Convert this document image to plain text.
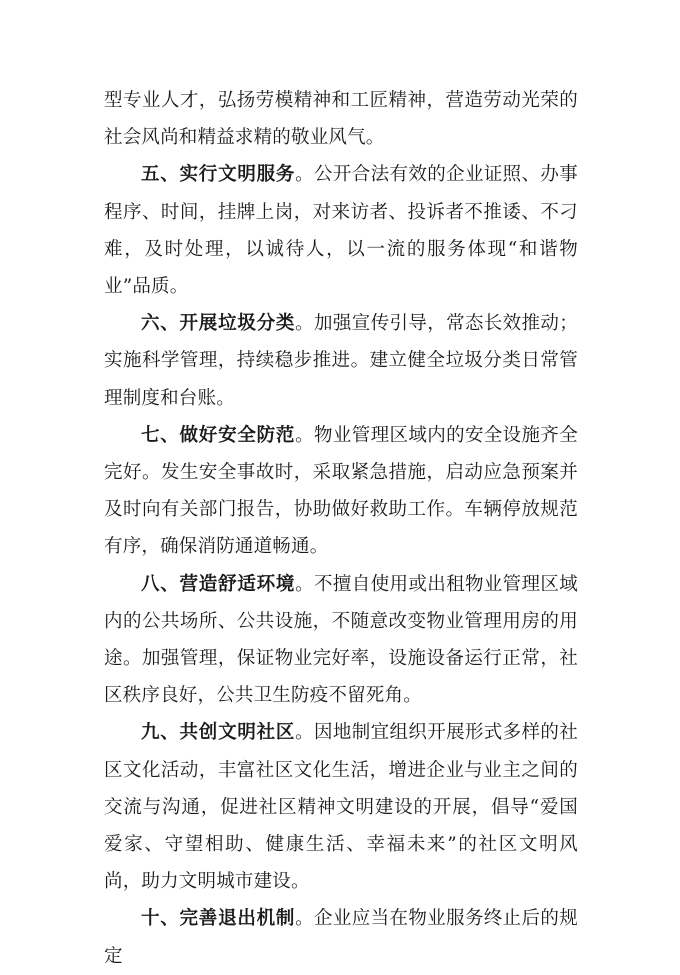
型专业人才，弘扬劳模精神和工匠精神，营造劳动光荣的社会风尚和精益求精的敬业风气。

五、实行文明服务。公开合法有效的企业证照、办事程序、时间，挂牌上岗，对来访者、投诉者不推诿、不刁难，及时处理，以诚待人，以一流的服务体现“和谐物业”品质。

六、开展垃圾分类。加强宣传引导，常态长效推动；实施科学管理，持续稳步推进。建立健全垃圾分类日常管理制度和台账。

七、做好安全防范。物业管理区域内的安全设施齐全完好。发生安全事故时，采取紧急措施，启动应急预案并及时向有关部门报告，协助做好救助工作。车辆停放规范有序，确保消防通道畅通。

八、营造舒适环境。不擅自使用或出租物业管理区域内的公共场所、公共设施，不随意改变物业管理用房的用途。加强管理，保证物业完好率，设施设备运行正常，社区秩序良好，公共卫生防疫不留死角。

九、共创文明社区。因地制宜组织开展形式多样的社区文化活动，丰富社区文化生活，增进企业与业主之间的交流与沟通，促进社区精神文明建设的开展，倡导“爱国爱家、守望相助、健康生活、幸福未来”的社区文明风尚，助力文明城市建设。

十、完善退出机制。企业应当在物业服务终止后的规定
